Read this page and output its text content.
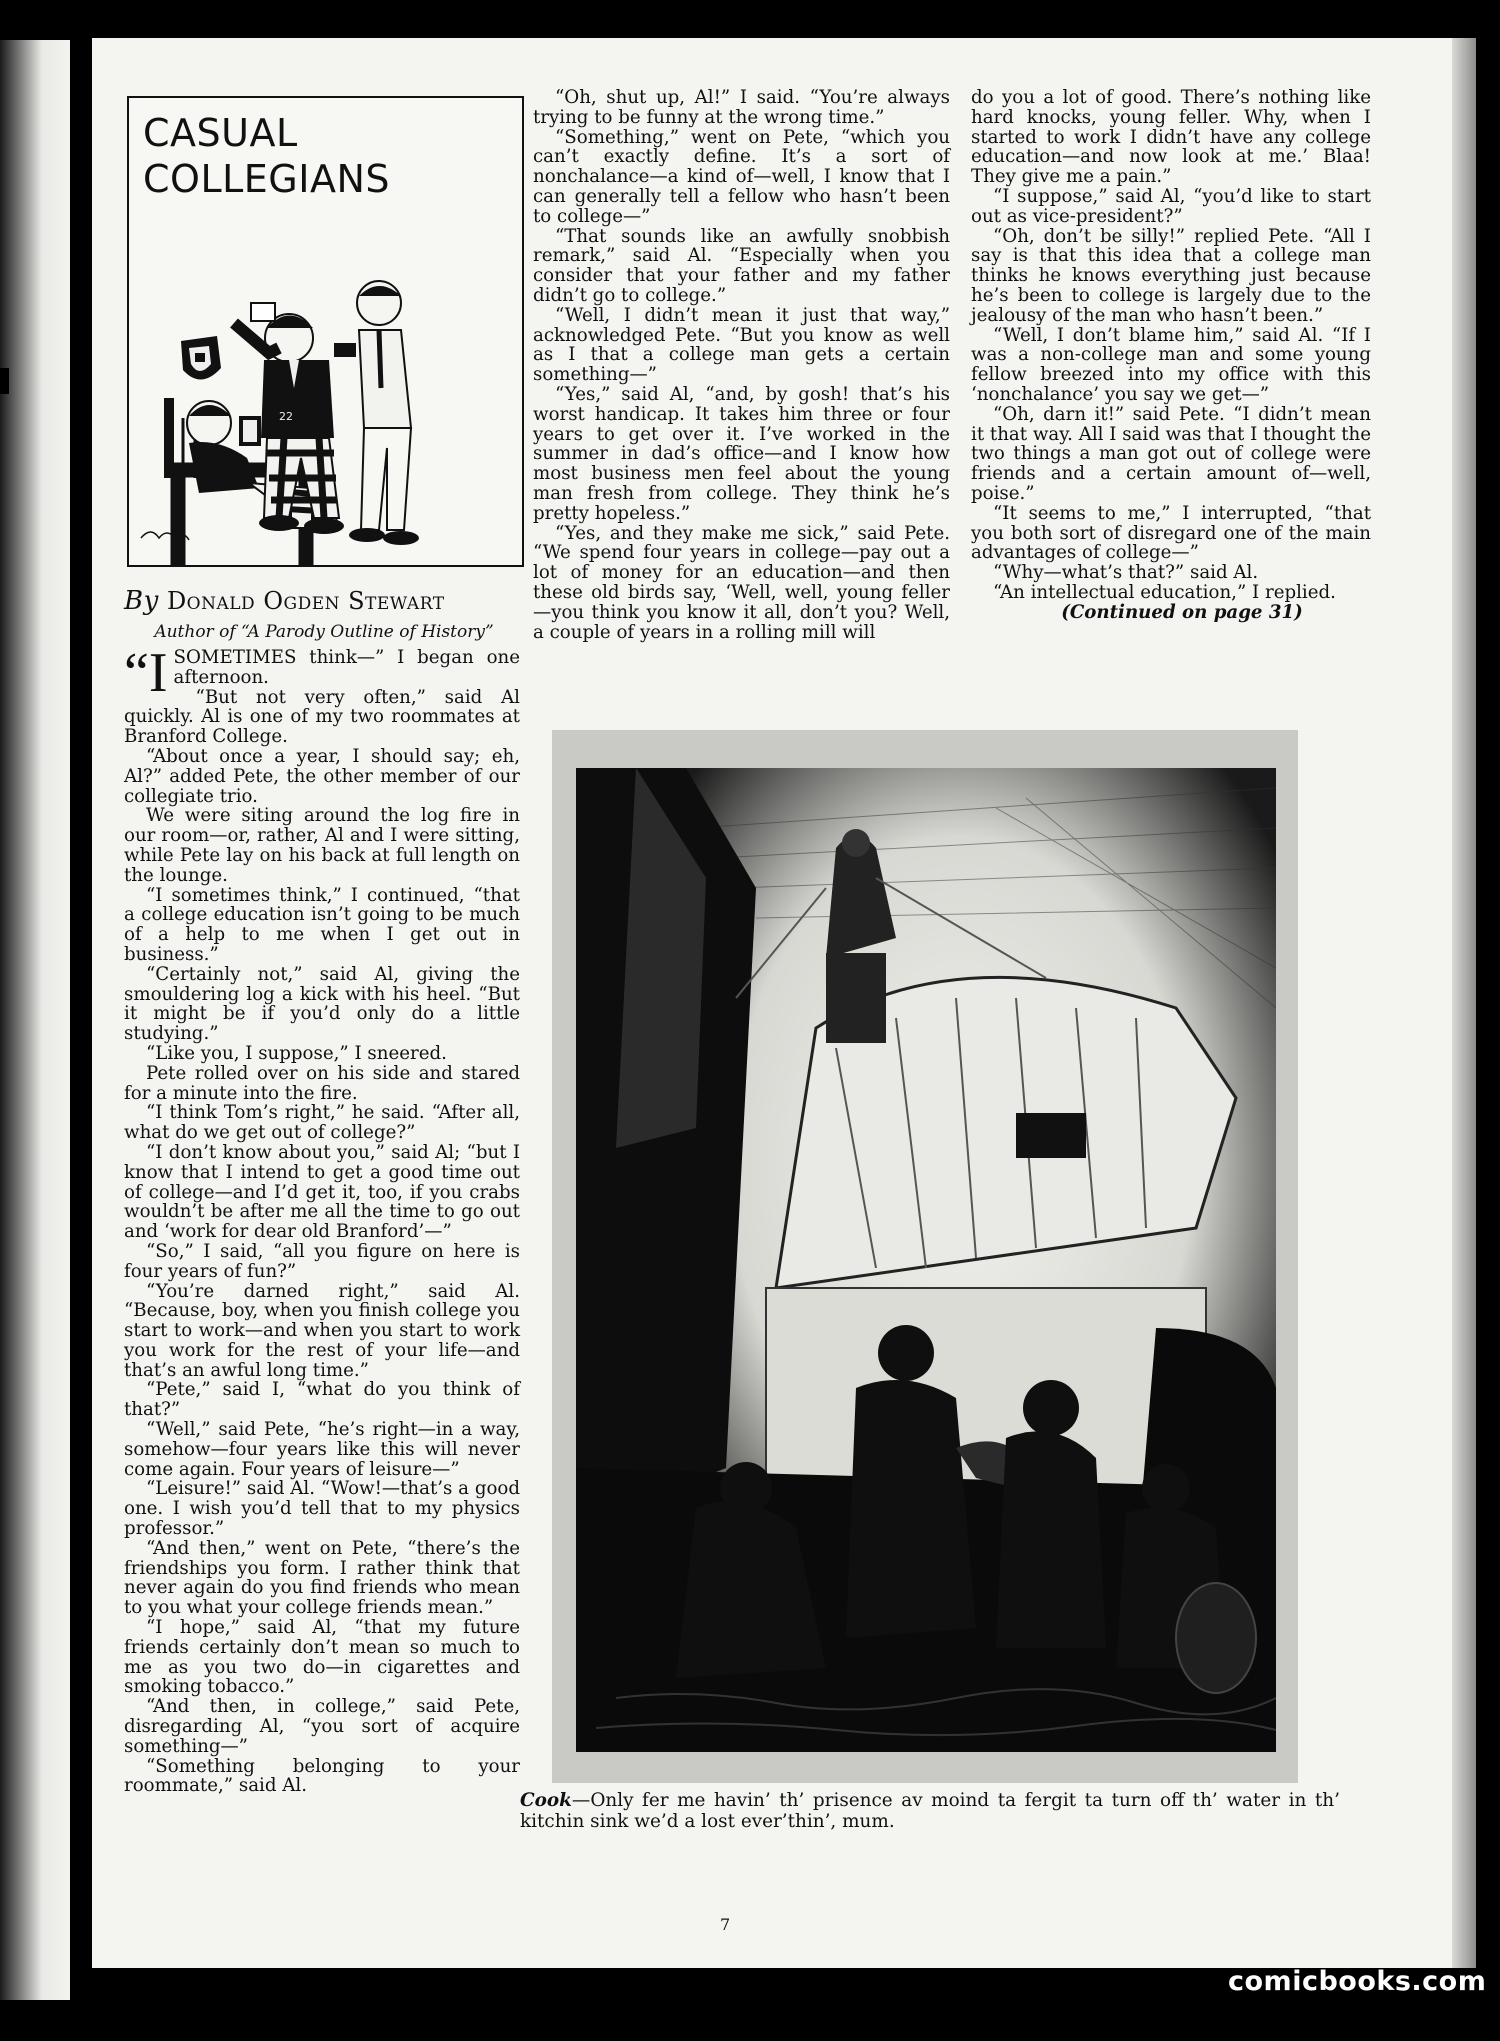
CASUAL
COLLEGIANS
22
By Donald Ogden Stewart
Author of “A Parody Outline of History”

“ISOMETIMES think—” I began one afternoon.

“But not very often,” said Al quickly. Al is one of my two roommates at Branford College.

“About once a year, I should say; eh, Al?” added Pete, the other member of our collegiate trio.

We were siting around the log fire in our room—or, rather, Al and I were sitting, while Pete lay on his back at full length on the lounge.

“I sometimes think,” I continued, “that a college education isn’t going to be much of a help to me when I get out in business.”

“Certainly not,” said Al, giving the smouldering log a kick with his heel. “But it might be if you’d only do a little studying.”

“Like you, I suppose,” I sneered.

Pete rolled over on his side and stared for a minute into the fire.

“I think Tom’s right,” he said. “After all, what do we get out of college?”

“I don’t know about you,” said Al; “but I know that I intend to get a good time out of college—and I’d get it, too, if you crabs wouldn’t be after me all the time to go out and ‘work for dear old Branford’—”

“So,” I said, “all you figure on here is four years of fun?”

“You’re darned right,” said Al. “Because, boy, when you finish college you start to work—and when you start to work you work for the rest of your life—and that’s an awful long time.”

“Pete,” said I, “what do you think of that?”

“Well,” said Pete, “he’s right—in a way, somehow—four years like this will never come again. Four years of leisure—”

“Leisure!” said Al. “Wow!—that’s a good one. I wish you’d tell that to my physics professor.”

“And then,” went on Pete, “there’s the friendships you form. I rather think that never again do you find friends who mean to you what your college friends mean.”

“I hope,” said Al, “that my future friends certainly don’t mean so much to me as you two do—in cigarettes and smoking tobacco.”

“And then, in college,” said Pete, disregarding Al, “you sort of acquire something—”

“Something belonging to your roommate,” said Al.

“Oh, shut up, Al!” I said. “You’re always trying to be funny at the wrong time.”

“Something,” went on Pete, “which you can’t exactly define. It’s a sort of nonchalance—a kind of—well, I know that I can generally tell a fellow who hasn’t been to college—”

“That sounds like an awfully snobbish remark,” said Al. “Especially when you consider that your father and my father didn’t go to college.”

“Well, I didn’t mean it just that way,” acknowledged Pete. “But you know as well as I that a college man gets a certain something—”

“Yes,” said Al, “and, by gosh! that’s his worst handicap. It takes him three or four years to get over it. I’ve worked in the summer in dad’s office—and I know how most business men feel about the young man fresh from college. They think he’s pretty hopeless.”

“Yes, and they make me sick,” said Pete. “We spend four years in college—pay out a lot of money for an education—and then these old birds say, ‘Well, well, young feller—you think you know it all, don’t you? Well, a couple of years in a rolling mill will

do you a lot of good. There’s nothing like hard knocks, young feller. Why, when I started to work I didn’t have any college education—and now look at me.’ Blaa! They give me a pain.”

“I suppose,” said Al, “you’d like to start out as vice-president?”

“Oh, don’t be silly!” replied Pete. “All I say is that this idea that a college man thinks he knows everything just because he’s been to college is largely due to the jealousy of the man who hasn’t been.”

“Well, I don’t blame him,” said Al. “If I was a non-college man and some young fellow breezed into my office with this ‘nonchalance’ you say we get—”

“Oh, darn it!” said Pete. “I didn’t mean it that way. All I said was that I thought the two things a man got out of college were friends and a certain amount of—well, poise.”

“It seems to me,” I interrupted, “that you both sort of disregard one of the main advantages of college—”

“Why—what’s that?” said Al.

“An intellectual education,” I replied.

(Continued on page 31)

Cook—Only fer me havin’ th’ prisence av moind ta fergit ta turn off th’ water in th’ kitchin sink we’d a lost ever’thin’, mum.
7
comicbooks.com
